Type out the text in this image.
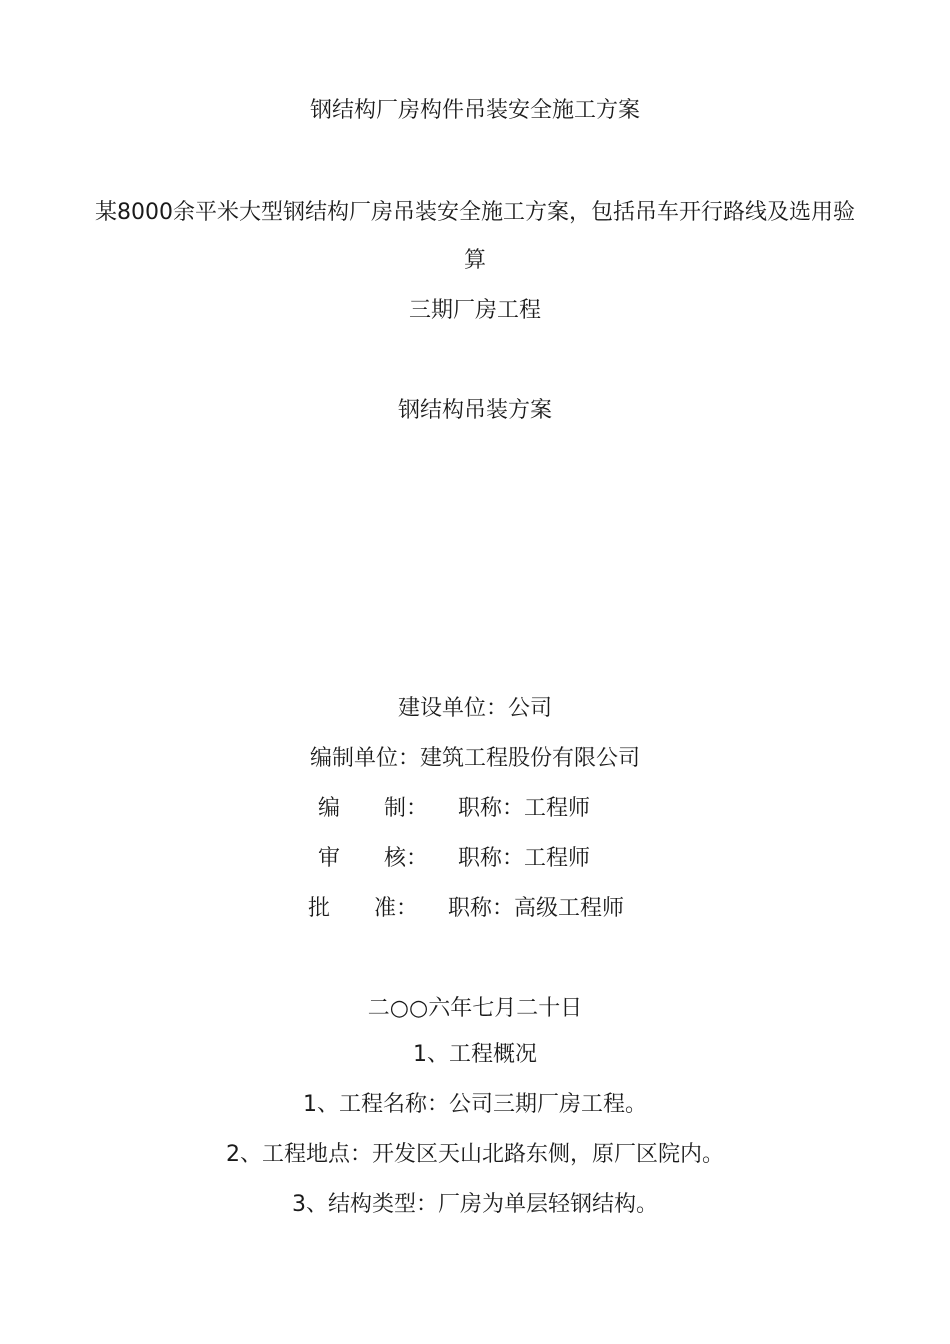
钢结构厂房构件吊装安全施工方案
某8000余平米大型钢结构厂房吊装安全施工方案，包括吊车开行路线及选用验
算
三期厂房工程
钢结构吊装方案
建设单位：公司
编制单位：建筑工程股份有限公司
编　　制： 职称：工程师
审　　核： 职称：工程师
批　　准： 职称：高级工程师
二○○六年七月二十日
1、工程概况
1、工程名称：公司三期厂房工程。
2、工程地点：开发区天山北路东侧，原厂区院内。
3、结构类型：厂房为单层轻钢结构。
